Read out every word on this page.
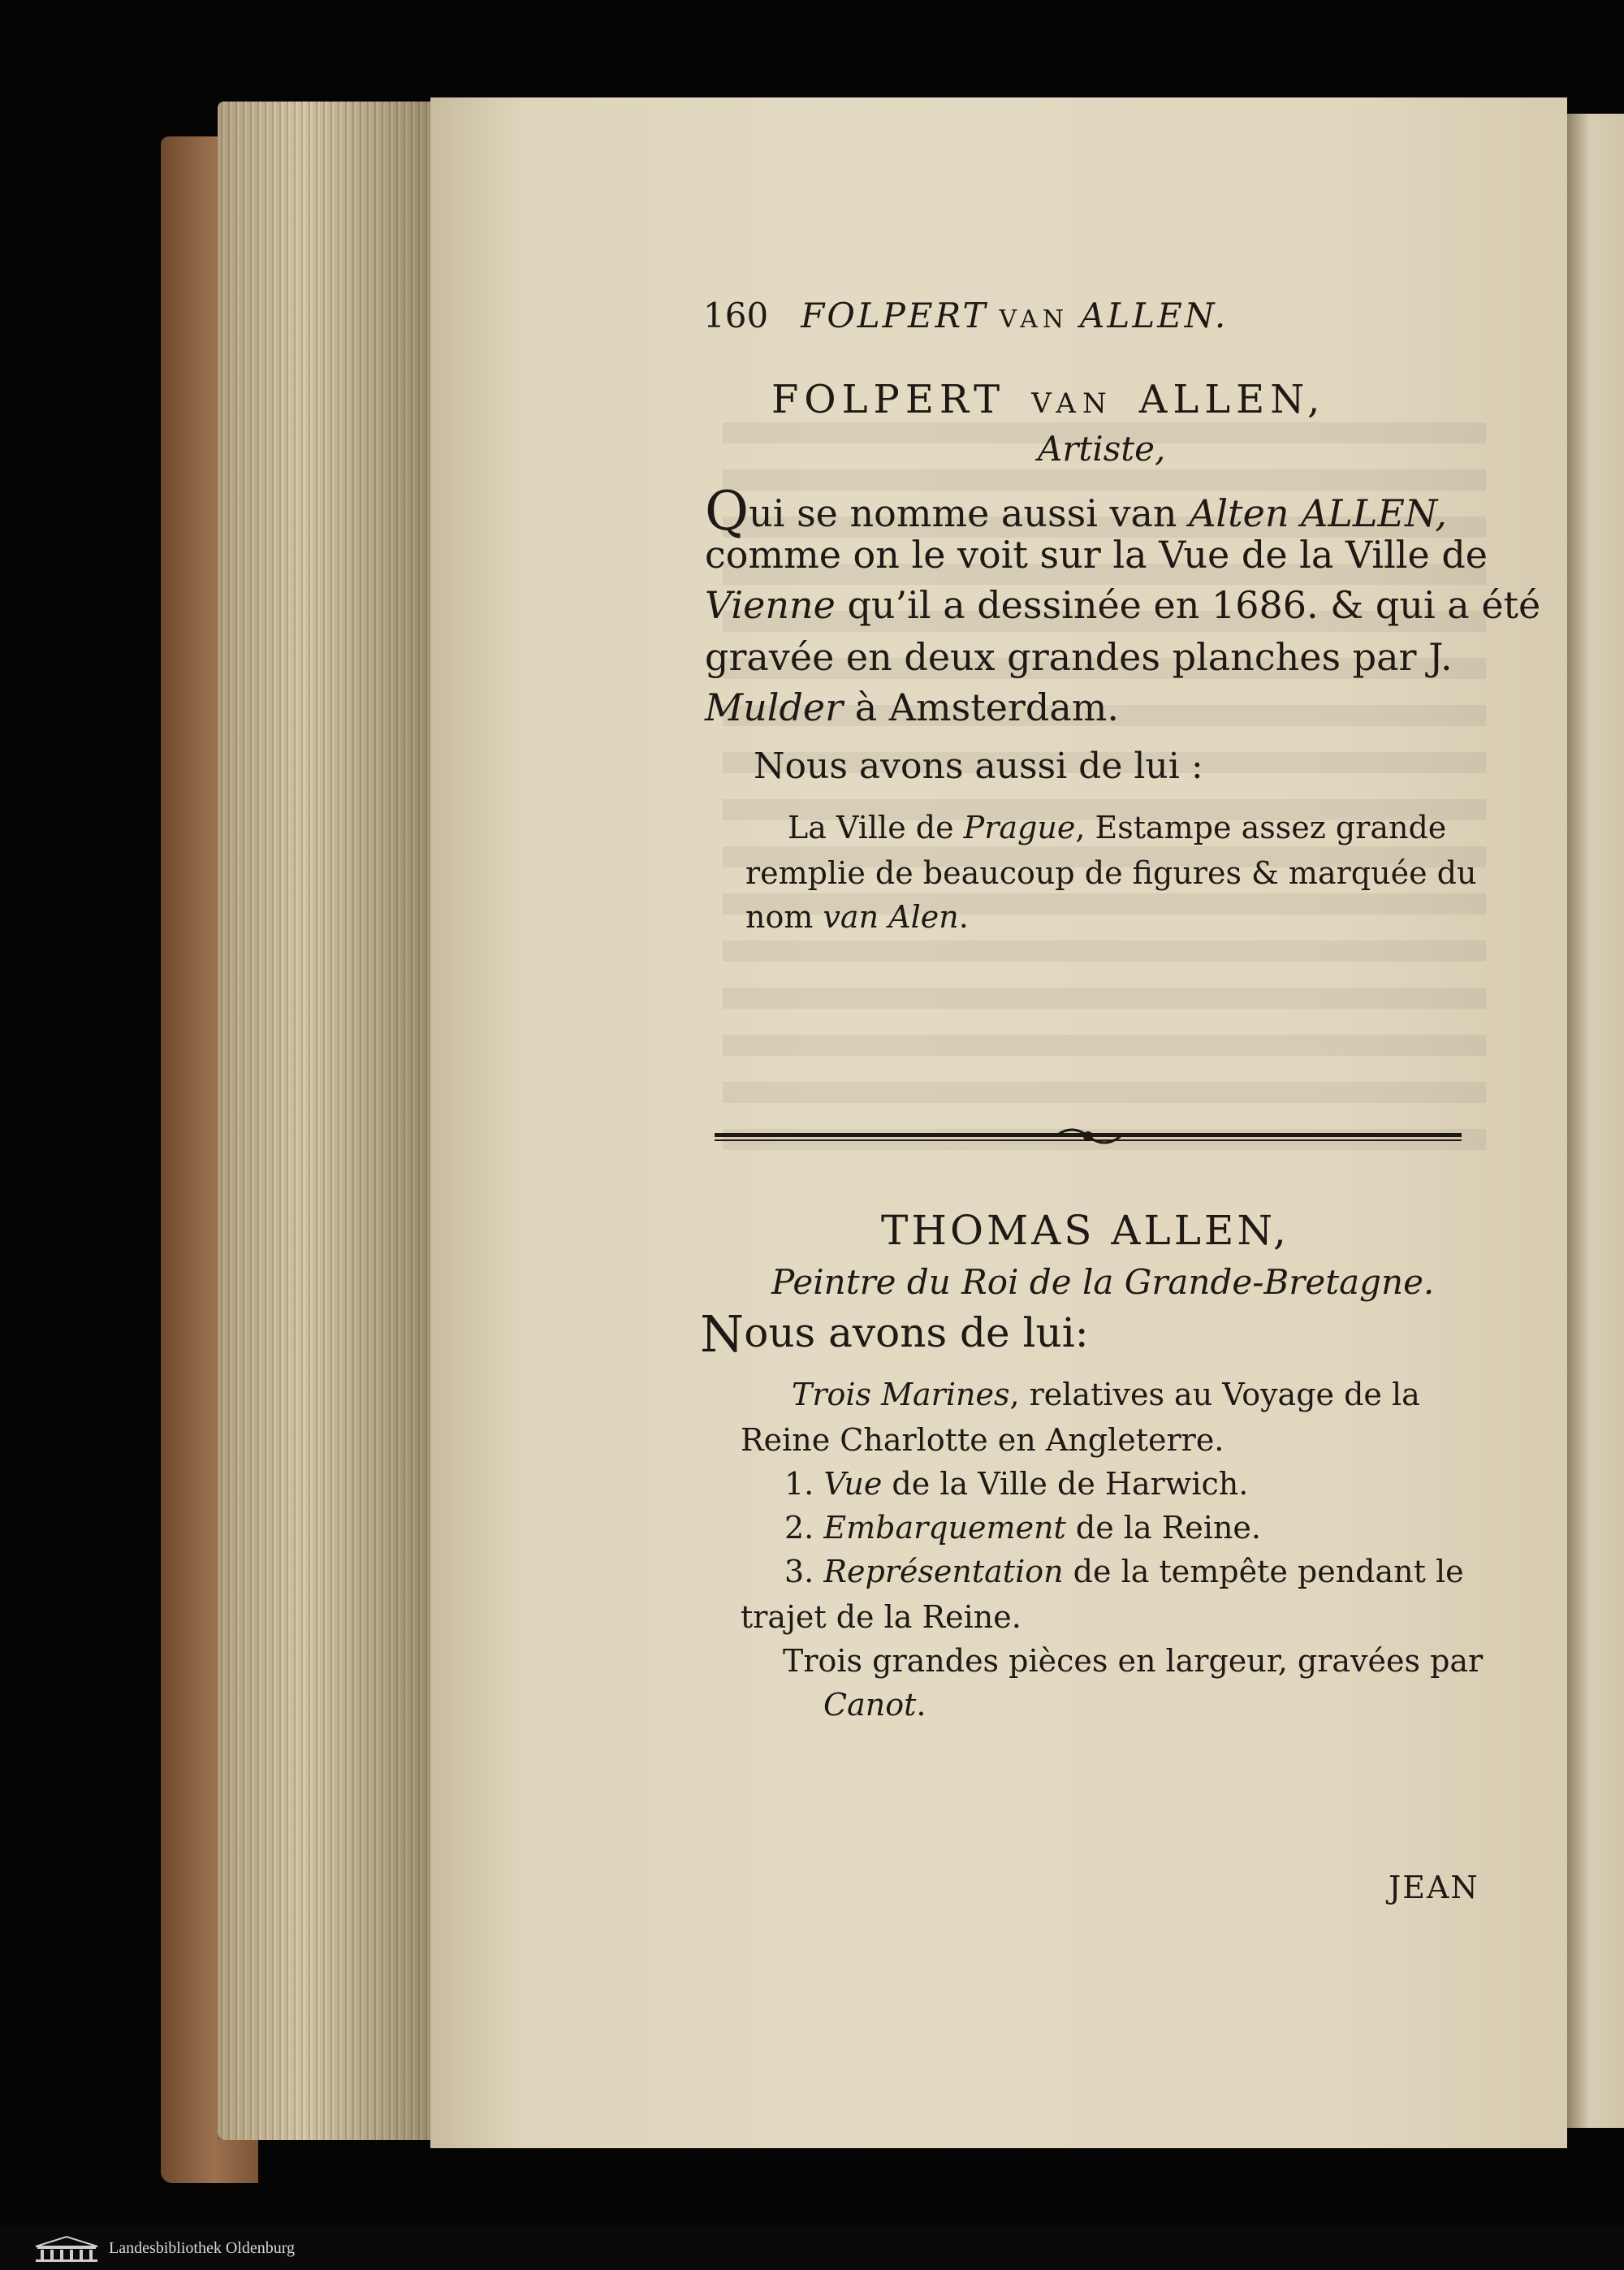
160 FOLPERT VAN ALLEN.
FOLPERT VAN ALLEN,
Artiste,
Qui se nomme aussi van Alten ALLEN,
comme on le voit sur la Vue de la Ville de
Vienne qu’il a dessinée en 1686. & qui a été
gravée en deux grandes planches par J.
Mulder à Amsterdam.
Nous avons aussi de lui :
La Ville de Prague, Estampe assez grande
remplie de beaucoup de figures & marquée du
nom van Alen.
THOMAS ALLEN,
Peintre du Roi de la Grande-Bretagne.
Nous avons de lui:
Trois Marines, relatives au Voyage de la
Reine Charlotte en Angleterre.
1. Vue de la Ville de Harwich.
2. Embarquement de la Reine.
3. Représentation de la tempête pendant le
trajet de la Reine.
Trois grandes pièces en largeur, gravées par
Canot.
JEAN
Landesbibliothek Oldenburg
